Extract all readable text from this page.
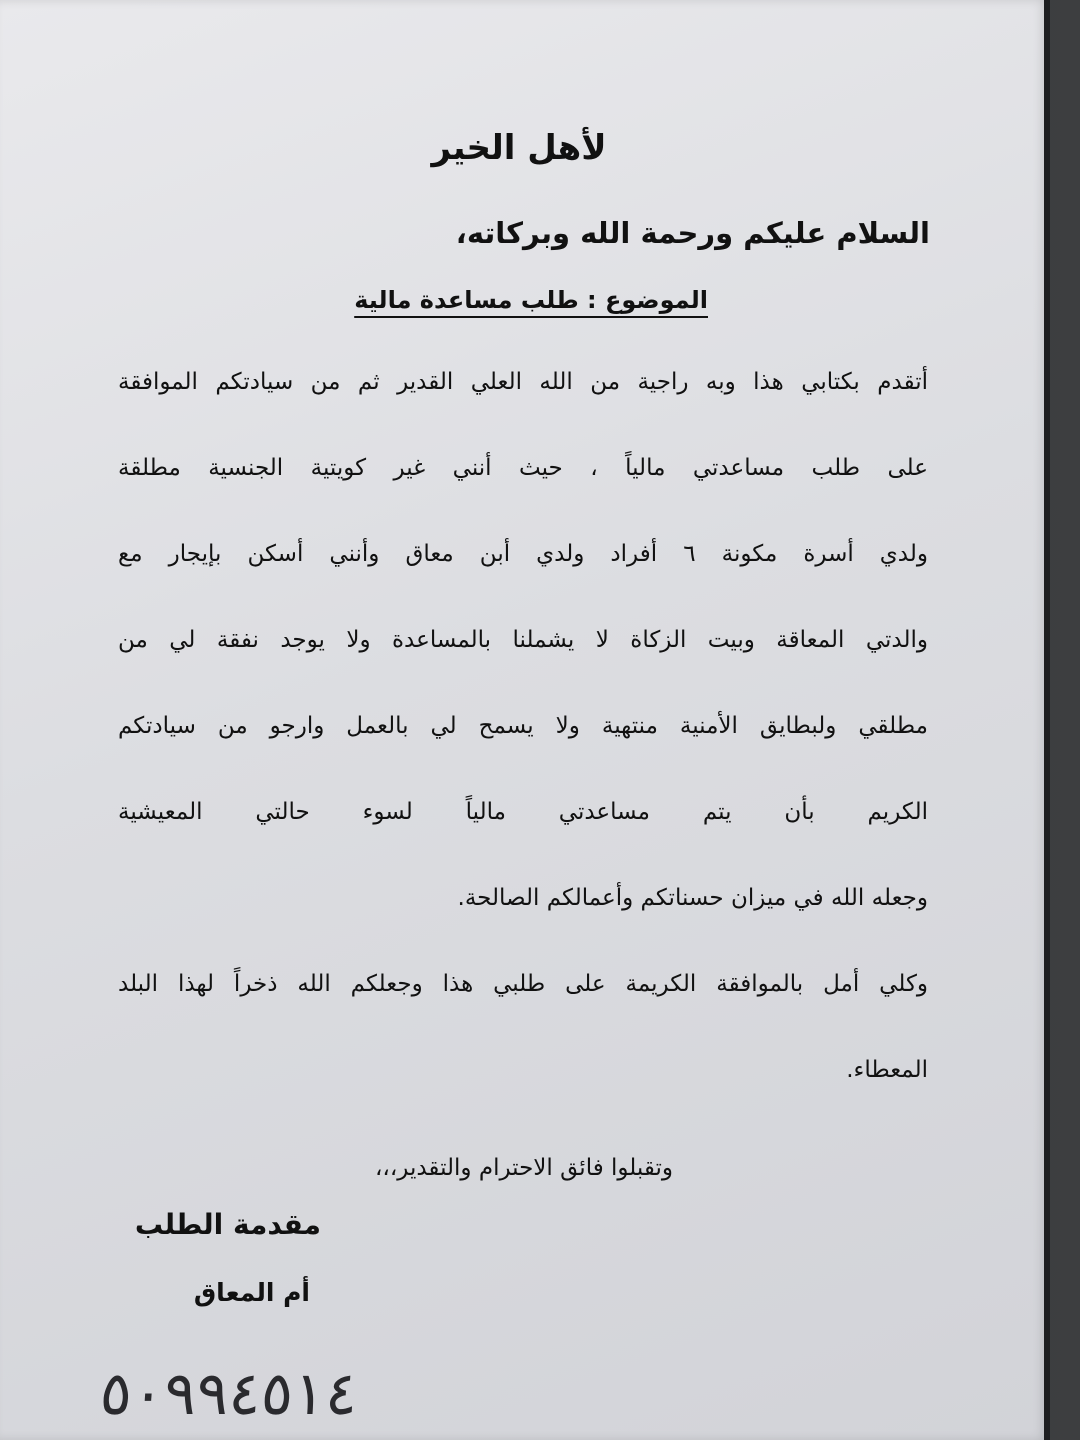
لأهل الخير

السلام عليكم ورحمة الله وبركاته،

الموضوع : طلب مساعدة مالية

أتقدم بكتابي هذا وبه راجية من الله العلي القدير ثم من سيادتكم الموافقة
على طلب مساعدتي مالياً ، حيث أنني غير كويتية الجنسية مطلقة
ولدي أسرة مكونة ٦ أفراد ولدي أبن معاق وأنني أسكن بإيجار مع
والدتي المعاقة وبيت الزكاة لا يشملنا بالمساعدة ولا يوجد نفقة لي من
مطلقي ولبطايق الأمنية منتهية ولا يسمح لي بالعمل وارجو من سيادتكم
الكريم بأن يتم مساعدتي مالياً لسوء حالتي المعيشية
وجعله الله في ميزان حسناتكم وأعمالكم الصالحة.
وكلي أمل بالموافقة الكريمة على طلبي هذا وجعلكم الله ذخراً لهذا البلد
المعطاء.

وتقبلوا فائق الاحترام والتقدير،،،

مقدمة الطلب

أم المعاق

٥٠٩٩٤٥١٤
